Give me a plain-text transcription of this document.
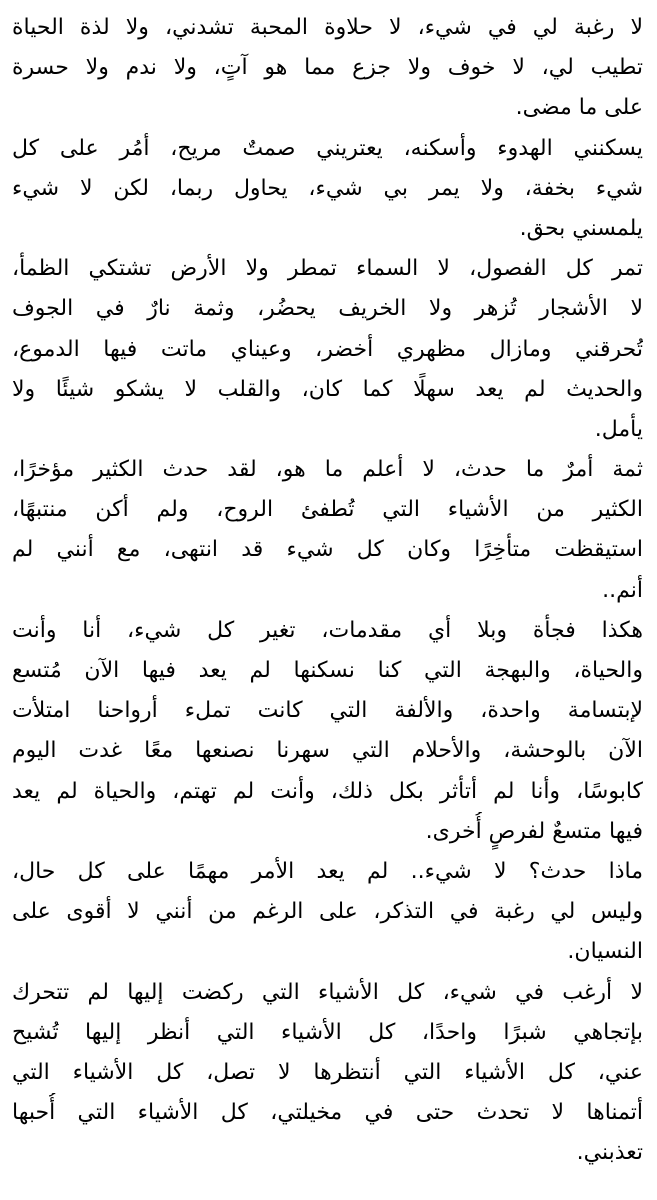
لا رغبة لي في شيء، لا حلاوة المحبة تشدني، ولا لذة الحياة
تطيب لي، لا خوف ولا جزع مما هو آتٍ، ولا ندم ولا حسرة
على ما مضى.
يسكنني الهدوء وأسكنه، يعتريني صمتٌ مريح، أمُر على كل
شيء بخفة، ولا يمر بي شيء، يحاول ربما، لكن لا شيء
يلمسني بحق.
تمر كل الفصول، لا السماء تمطر ولا الأرض تشتكي الظمأ،
لا الأشجار تُزهر ولا الخريف يحضُر، وثمة نارٌ في الجوف
تُحرقني ومازال مظهري أخضر، وعيناي ماتت فيها الدموع،
والحديث لم يعد سهلًا كما كان، والقلب لا يشكو شيئًا ولا
يأمل.
ثمة أمرٌ ما حدث، لا أعلم ما هو، لقد حدث الكثير مؤخرًا،
الكثير من الأشياء التي تُطفئ الروح، ولم أكن منتبهًا،
استيقظت متأخِرًا وكان كل شيء قد انتهى، مع أنني لم
أنم..
هكذا فجأة وبلا أي مقدمات، تغير كل شيء، أنا وأنت
والحياة، والبهجة التي كنا نسكنها لم يعد فيها الآن مُتسع
لإبتسامة واحدة، والألفة التي كانت تملء أرواحنا امتلأت
الآن بالوحشة، والأحلام التي سهرنا نصنعها معًا غدت اليوم
كابوسًا، وأنا لم أتأثر بكل ذلك، وأنت لم تهتم، والحياة لم يعد
فيها متسعٌ لفرصٍ أُخرى.
ماذا حدث؟ لا شيء.. لم يعد الأمر مهمًا على كل حال،
وليس لي رغبة في التذكر، على الرغم من أنني لا أقوى على
النسيان.
لا أرغب في شيء، كل الأشياء التي ركضت إليها لم تتحرك
بإتجاهي شبرًا واحدًا، كل الأشياء التي أنظر إليها تُشيح
عني، كل الأشياء التي أنتظرها لا تصل، كل الأشياء التي
أتمناها لا تحدث حتى في مخيلتي، كل الأشياء التي أُحبها
تعذبني.
